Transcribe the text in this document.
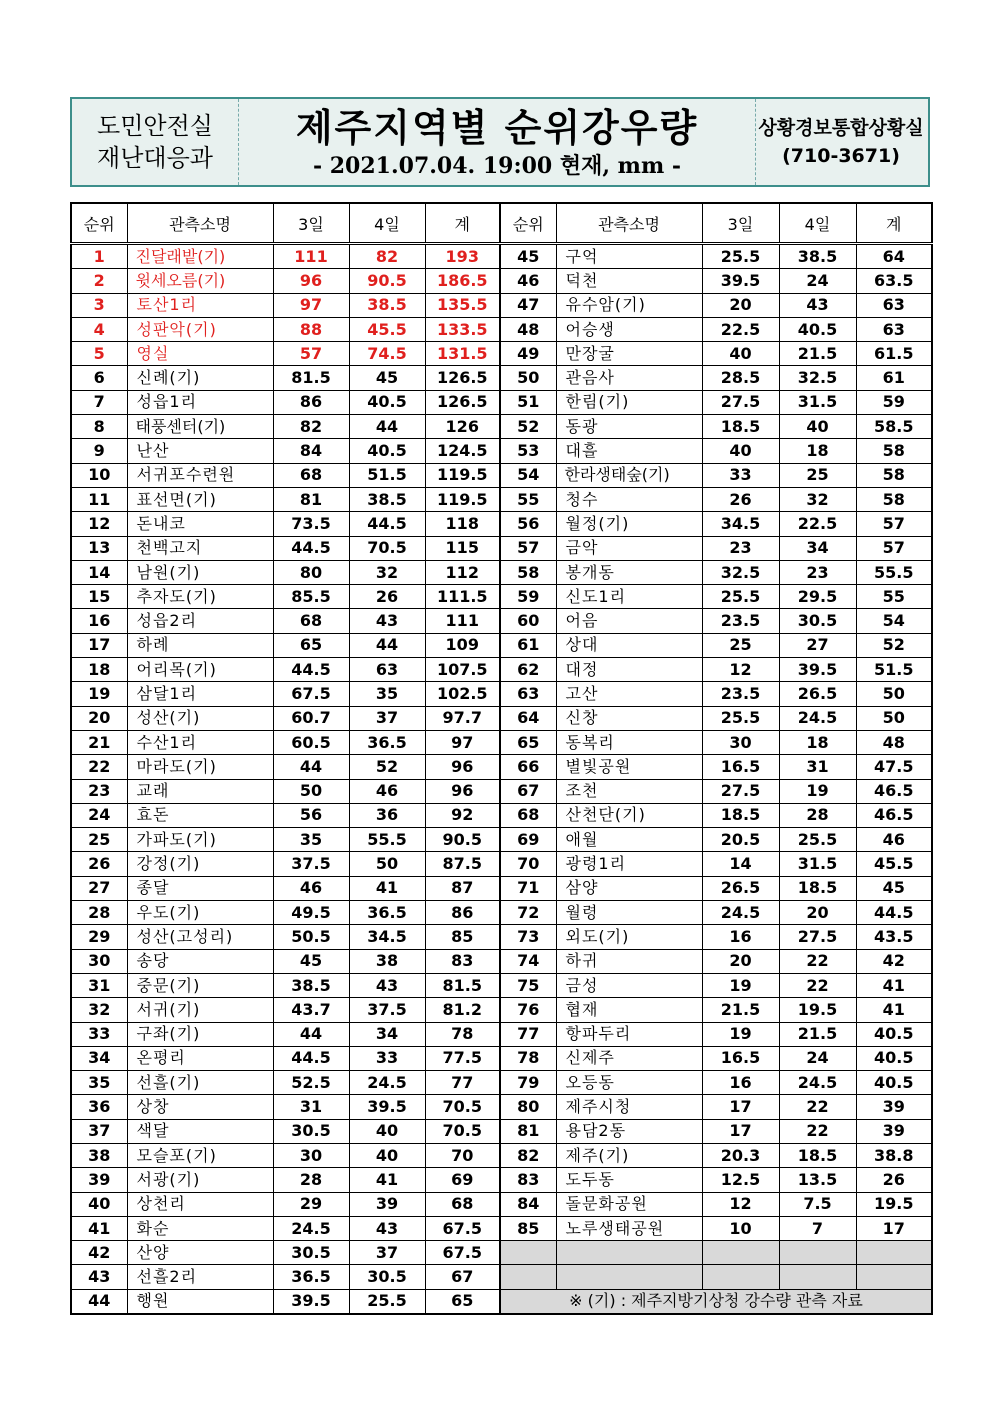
도민안전실
재난대응과
제주지역별 순위강우량
- 2021.07.04. 19:00 현재, mm -
상황경보통합상황실
(710-3671)
순위	관측소명	3일	4일	계
1	진달래밭(기)	111	82	193
2	윗세오름(기)	96	90.5	186.5
3	토산1리	97	38.5	135.5
4	성판악(기)	88	45.5	133.5
5	영실	57	74.5	131.5
6	신례(기)	81.5	45	126.5
7	성읍1리	86	40.5	126.5
8	태풍센터(기)	82	44	126
9	난산	84	40.5	124.5
10	서귀포수련원	68	51.5	119.5
11	표선면(기)	81	38.5	119.5
12	돈내코	73.5	44.5	118
13	천백고지	44.5	70.5	115
14	남원(기)	80	32	112
15	추자도(기)	85.5	26	111.5
16	성읍2리	68	43	111
17	하례	65	44	109
18	어리목(기)	44.5	63	107.5
19	삼달1리	67.5	35	102.5
20	성산(기)	60.7	37	97.7
21	수산1리	60.5	36.5	97
22	마라도(기)	44	52	96
23	교래	50	46	96
24	효돈	56	36	92
25	가파도(기)	35	55.5	90.5
26	강정(기)	37.5	50	87.5
27	종달	46	41	87
28	우도(기)	49.5	36.5	86
29	성산(고성리)	50.5	34.5	85
30	송당	45	38	83
31	중문(기)	38.5	43	81.5
32	서귀(기)	43.7	37.5	81.2
33	구좌(기)	44	34	78
34	온평리	44.5	33	77.5
35	선흘(기)	52.5	24.5	77
36	상창	31	39.5	70.5
37	색달	30.5	40	70.5
38	모슬포(기)	30	40	70
39	서광(기)	28	41	69
40	상천리	29	39	68
41	화순	24.5	43	67.5
42	산양	30.5	37	67.5
43	선흘2리	36.5	30.5	67
44	행원	39.5	25.5	65
순위	관측소명	3일	4일	계
45	구억	25.5	38.5	64
46	덕천	39.5	24	63.5
47	유수암(기)	20	43	63
48	어승생	22.5	40.5	63
49	만장굴	40	21.5	61.5
50	관음사	28.5	32.5	61
51	한림(기)	27.5	31.5	59
52	동광	18.5	40	58.5
53	대흘	40	18	58
54	한라생태숲(기)	33	25	58
55	청수	26	32	58
56	월정(기)	34.5	22.5	57
57	금악	23	34	57
58	봉개동	32.5	23	55.5
59	신도1리	25.5	29.5	55
60	어음	23.5	30.5	54
61	상대	25	27	52
62	대정	12	39.5	51.5
63	고산	23.5	26.5	50
64	신창	25.5	24.5	50
65	동복리	30	18	48
66	별빛공원	16.5	31	47.5
67	조천	27.5	19	46.5
68	산천단(기)	18.5	28	46.5
69	애월	20.5	25.5	46
70	광령1리	14	31.5	45.5
71	삼양	26.5	18.5	45
72	월령	24.5	20	44.5
73	외도(기)	16	27.5	43.5
74	하귀	20	22	42
75	금성	19	22	41
76	협재	21.5	19.5	41
77	항파두리	19	21.5	40.5
78	신제주	16.5	24	40.5
79	오등동	16	24.5	40.5
80	제주시청	17	22	39
81	용담2동	17	22	39
82	제주(기)	20.3	18.5	38.8
83	도두동	12.5	13.5	26
84	돌문화공원	12	7.5	19.5
85	노루생태공원	10	7	17

※ (기) : 제주지방기상청 강수량 관측 자료				
